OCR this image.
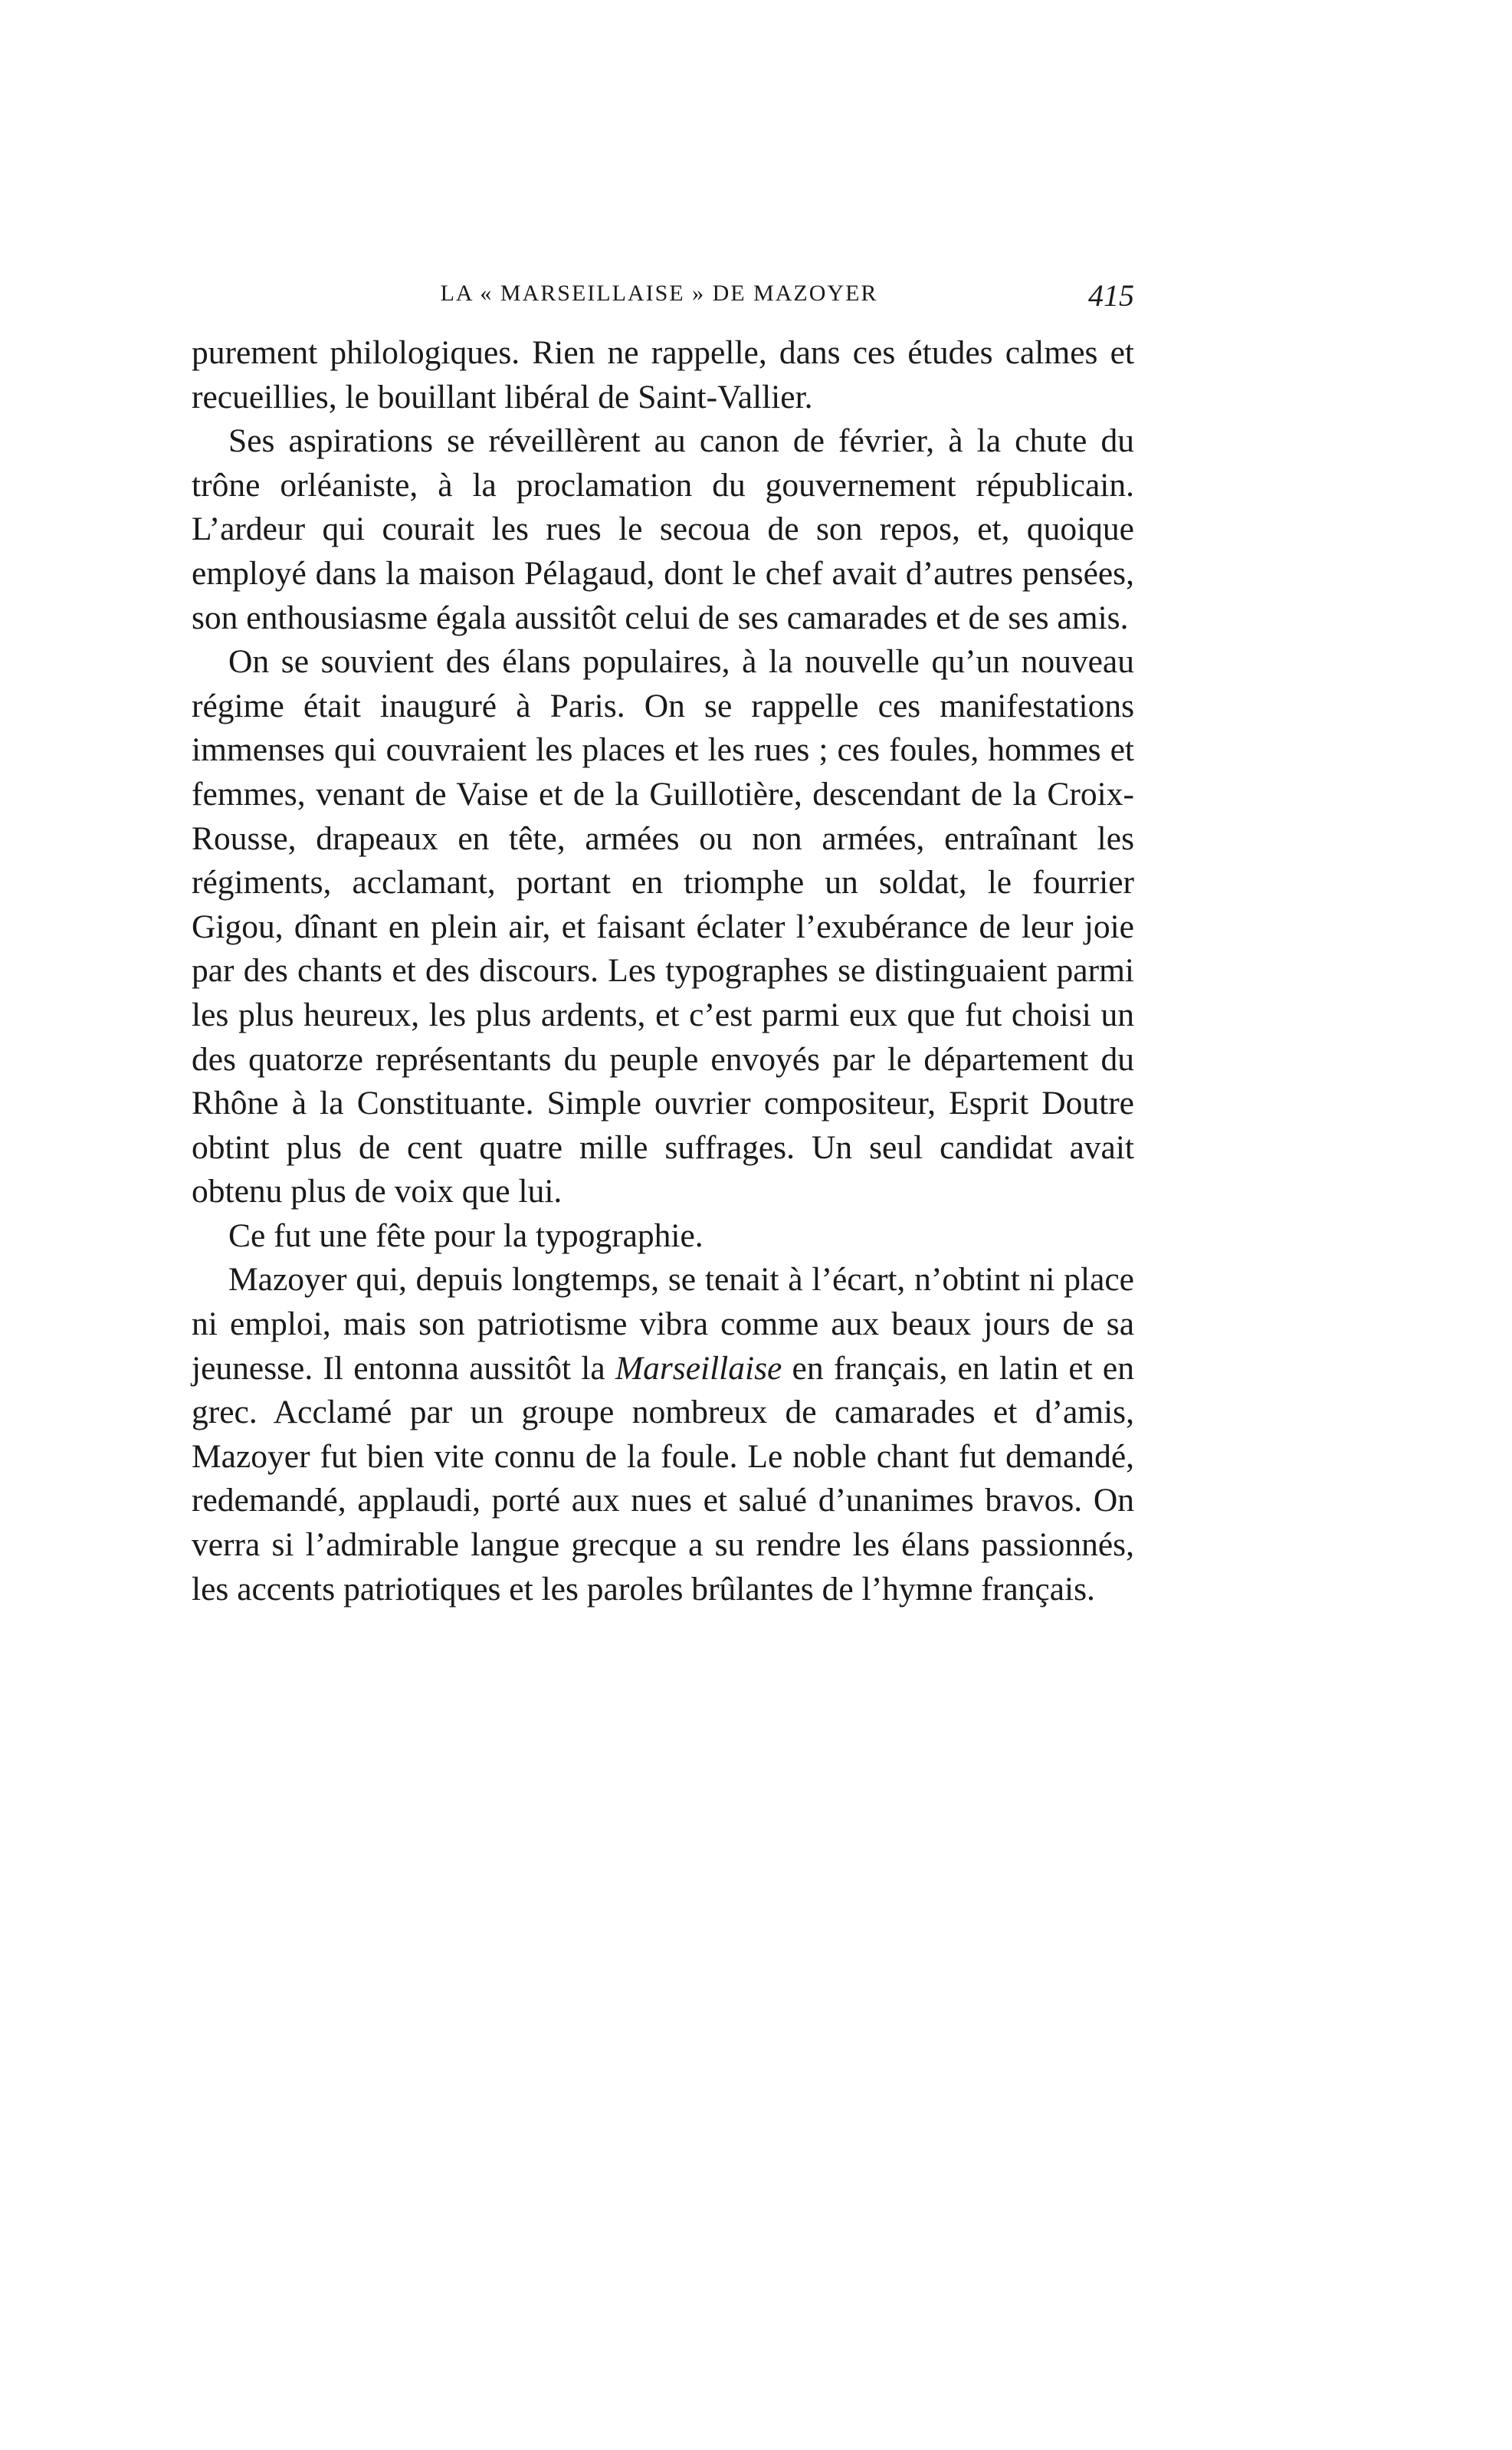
LA « MARSEILLAISE » DE MAZOYER	415

purement philologiques. Rien ne rappelle, dans ces études calmes et recueillies, le bouillant libéral de Saint-Vallier.

Ses aspirations se réveillèrent au canon de février, à la chute du trône orléaniste, à la proclamation du gouvernement républicain. L’ardeur qui courait les rues le secoua de son repos, et, quoique employé dans la maison Pélagaud, dont le chef avait d’autres pensées, son enthousiasme égala aussitôt celui de ses camarades et de ses amis.

On se souvient des élans populaires, à la nouvelle qu’un nouveau régime était inauguré à Paris. On se rappelle ces manifestations immenses qui couvraient les places et les rues ; ces foules, hommes et femmes, venant de Vaise et de la Guillotière, descendant de la Croix-Rousse, drapeaux en tête, armées ou non armées, entraînant les régiments, acclamant, portant en triomphe un soldat, le fourrier Gigou, dînant en plein air, et faisant éclater l’exubérance de leur joie par des chants et des discours. Les typographes se distinguaient parmi les plus heureux, les plus ardents, et c’est parmi eux que fut choisi un des quatorze représentants du peuple envoyés par le département du Rhône à la Constituante. Simple ouvrier compositeur, Esprit Doutre obtint plus de cent quatre mille suffrages. Un seul candidat avait obtenu plus de voix que lui.

Ce fut une fête pour la typographie.

Mazoyer qui, depuis longtemps, se tenait à l’écart, n’obtint ni place ni emploi, mais son patriotisme vibra comme aux beaux jours de sa jeunesse. Il entonna aussitôt la Marseillaise en français, en latin et en grec. Acclamé par un groupe nombreux de camarades et d’amis, Mazoyer fut bien vite connu de la foule. Le noble chant fut demandé, redemandé, applaudi, porté aux nues et salué d’unanimes bravos. On verra si l’admirable langue grecque a su rendre les élans passionnés, les accents patriotiques et les paroles brûlantes de l’hymne français.
